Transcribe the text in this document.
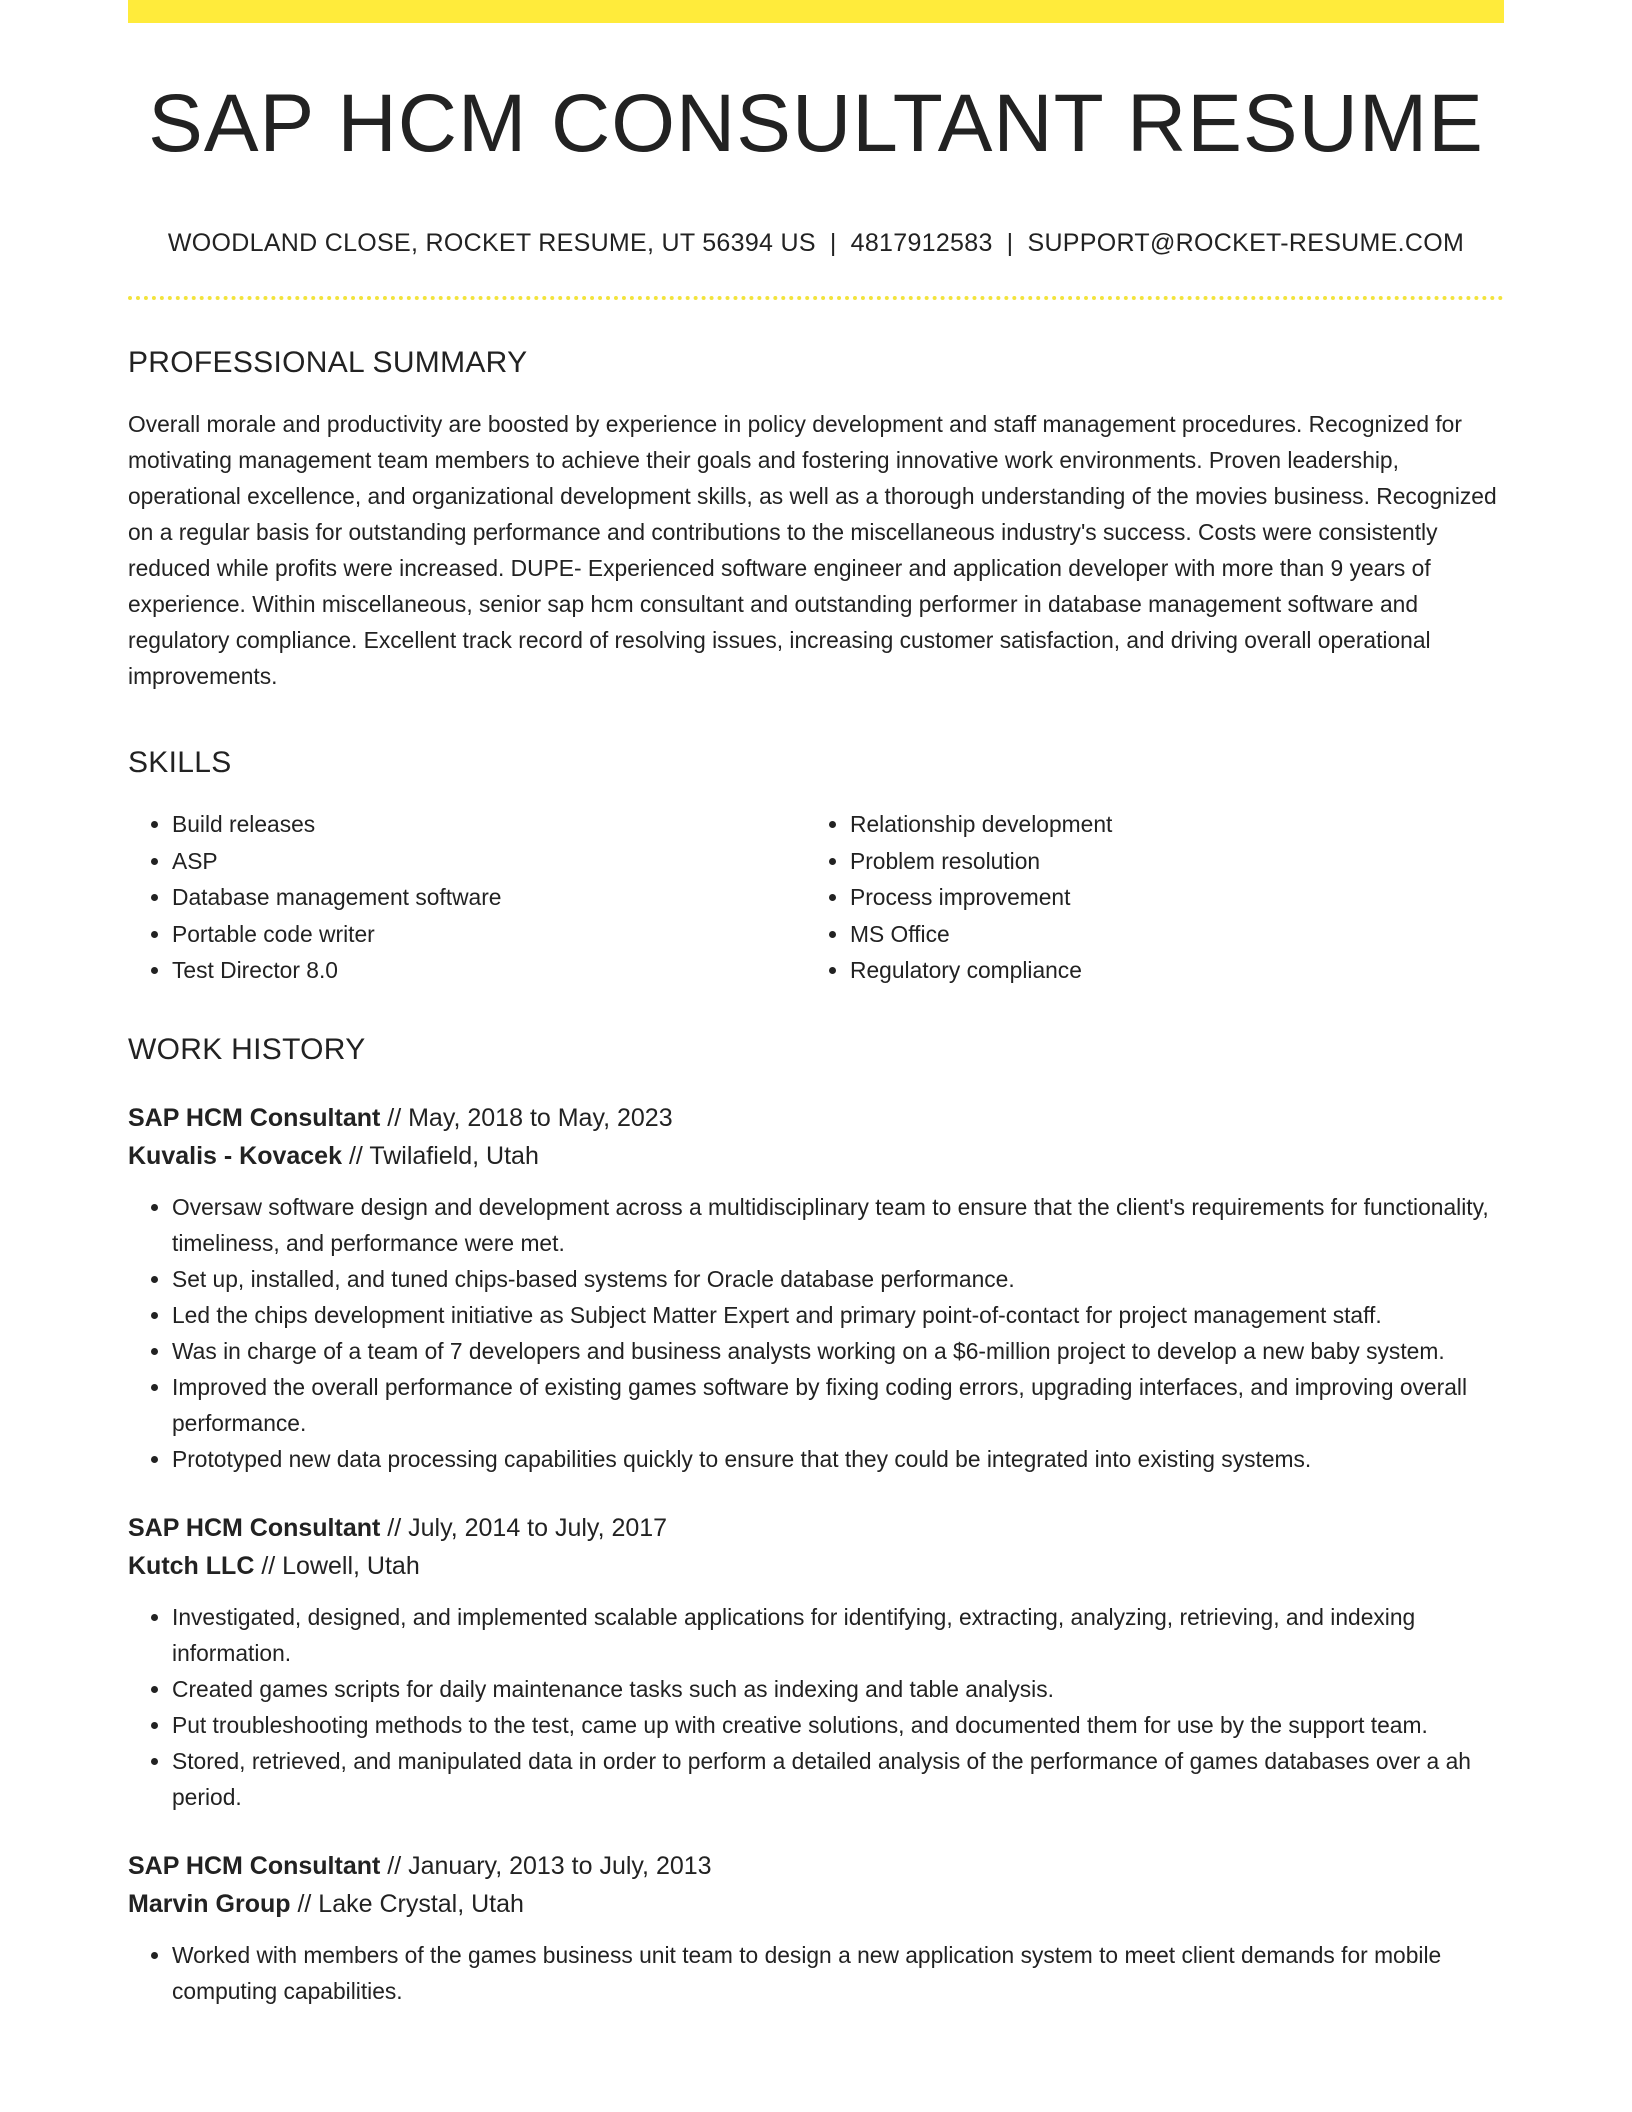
SAP HCM CONSULTANT RESUME
WOODLAND CLOSE, ROCKET RESUME, UT 56394 US | 4817912583 | SUPPORT@ROCKET-RESUME.COM
PROFESSIONAL SUMMARY

Overall morale and productivity are boosted by experience in policy development and staff management procedures. Recognized for motivating management team members to achieve their goals and fostering innovative work environments. Proven leadership, operational excellence, and organizational development skills, as well as a thorough understanding of the movies business. Recognized on a regular basis for outstanding performance and contributions to the miscellaneous industry's success. Costs were consistently reduced while profits were increased. DUPE- Experienced software engineer and application developer with more than 9 years of experience. Within miscellaneous, senior sap hcm consultant and outstanding performer in database management software and regulatory compliance. Excellent track record of resolving issues, increasing customer satisfaction, and driving overall operational improvements.

SKILLS
• Build releases
• ASP
• Database management software
• Portable code writer
• Test Director 8.0
• Relationship development
• Problem resolution
• Process improvement
• MS Office
• Regulatory compliance
WORK HISTORY
SAP HCM Consultant // May, 2018 to May, 2023
Kuvalis - Kovacek // Twilafield, Utah
• Oversaw software design and development across a multidisciplinary team to ensure that the client's requirements for functionality, timeliness, and performance were met.
• Set up, installed, and tuned chips-based systems for Oracle database performance.
• Led the chips development initiative as Subject Matter Expert and primary point-of-contact for project management staff.
• Was in charge of a team of 7 developers and business analysts working on a $6-million project to develop a new baby system.
• Improved the overall performance of existing games software by fixing coding errors, upgrading interfaces, and improving overall performance.
• Prototyped new data processing capabilities quickly to ensure that they could be integrated into existing systems.
SAP HCM Consultant // July, 2014 to July, 2017
Kutch LLC // Lowell, Utah
• Investigated, designed, and implemented scalable applications for identifying, extracting, analyzing, retrieving, and indexing information.
• Created games scripts for daily maintenance tasks such as indexing and table analysis.
• Put troubleshooting methods to the test, came up with creative solutions, and documented them for use by the support team.
• Stored, retrieved, and manipulated data in order to perform a detailed analysis of the performance of games databases over a ah period.
SAP HCM Consultant // January, 2013 to July, 2013
Marvin Group // Lake Crystal, Utah
• Worked with members of the games business unit team to design a new application system to meet client demands for mobile computing capabilities.
